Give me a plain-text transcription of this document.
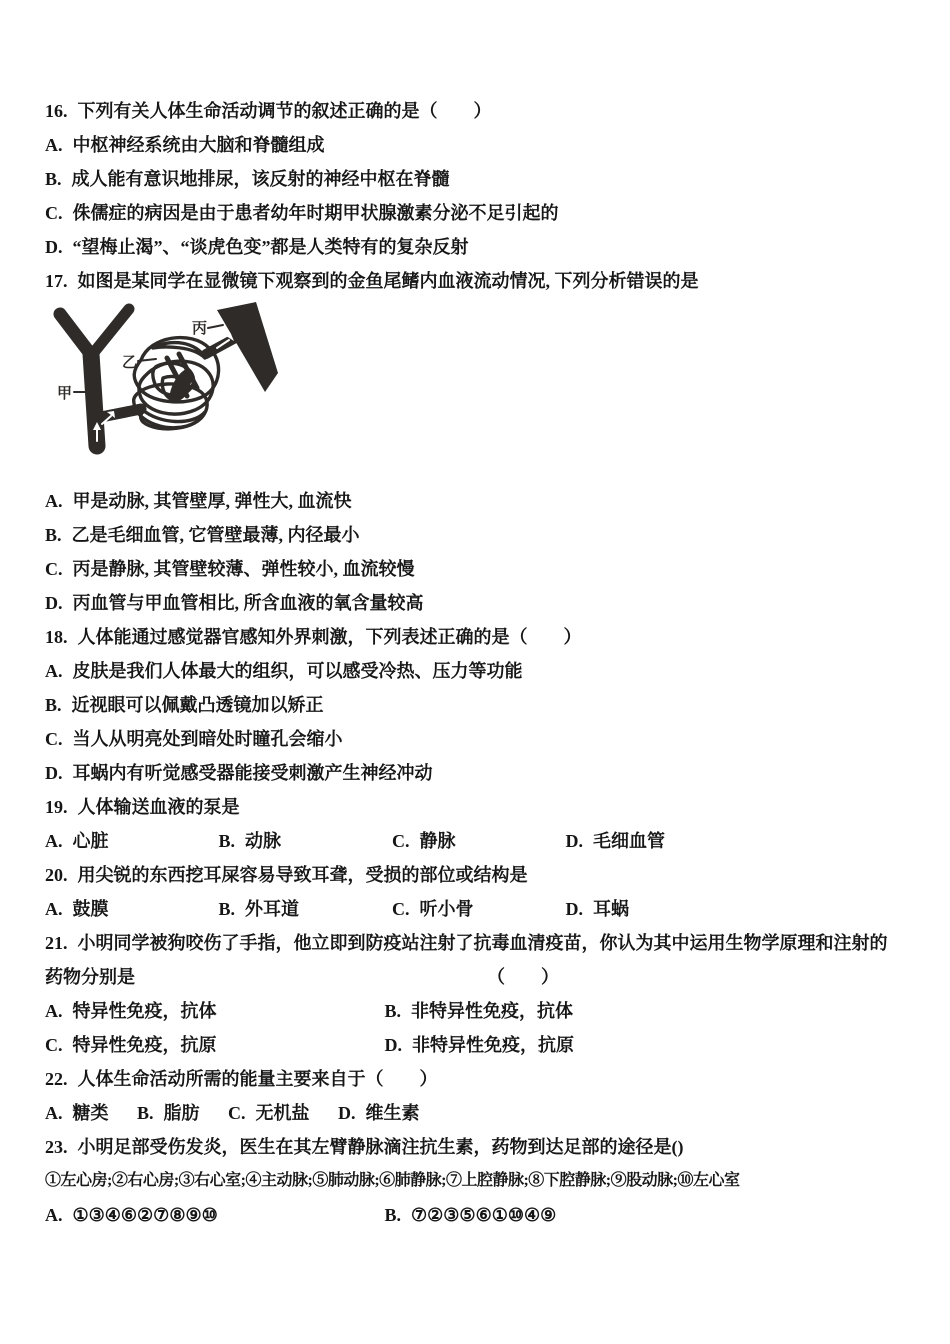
16. 下列有关人体生命活动调节的叙述正确的是（　　）
A. 中枢神经系统由大脑和脊髓组成
B. 成人能有意识地排尿，该反射的神经中枢在脊髓
C. 侏儒症的病因是由于患者幼年时期甲状腺激素分泌不足引起的
D. “望梅止渴”、“谈虎色变”都是人类特有的复杂反射
17. 如图是某同学在显微镜下观察到的金鱼尾鳍内血液流动情况, 下列分析错误的是
甲
乙
丙
A. 甲是动脉, 其管壁厚, 弹性大, 血流快
B. 乙是毛细血管, 它管壁最薄, 内径最小
C. 丙是静脉, 其管壁较薄、弹性较小, 血流较慢
D. 丙血管与甲血管相比, 所含血液的氧含量较高
18. 人体能通过感觉器官感知外界刺激，下列表述正确的是（　　）
A. 皮肤是我们人体最大的组织，可以感受冷热、压力等功能
B. 近视眼可以佩戴凸透镜加以矫正
C. 当人从明亮处到暗处时瞳孔会缩小
D. 耳蜗内有听觉感受器能接受刺激产生神经冲动
19. 人体输送血液的泵是
A. 心脏	B. 动脉	C. 静脉	D. 毛细血管
20. 用尖锐的东西挖耳屎容易导致耳聋，受损的部位或结构是
A. 鼓膜	B. 外耳道	C. 听小骨	D. 耳蜗
21. 小明同学被狗咬伤了手指，他立即到防疫站注射了抗毒血清疫苗，你认为其中运用生物学原理和注射的
药物分别是	（　　）
A. 特异性免疫，抗体	B. 非特异性免疫，抗体
C. 特异性免疫，抗原	D. 非特异性免疫，抗原
22. 人体生命活动所需的能量主要来自于（　　）
A. 糖类 B. 脂肪 C. 无机盐 D. 维生素
23. 小明足部受伤发炎，医生在其左臂静脉滴注抗生素，药物到达足部的途径是()
①左心房;②右心房;③右心室;④主动脉;⑤肺动脉;⑥肺静脉;⑦上腔静脉;⑧下腔静脉;⑨股动脉;⑩左心室
A. ①③④⑥②⑦⑧⑨⑩	B. ⑦②③⑤⑥①⑩④⑨
